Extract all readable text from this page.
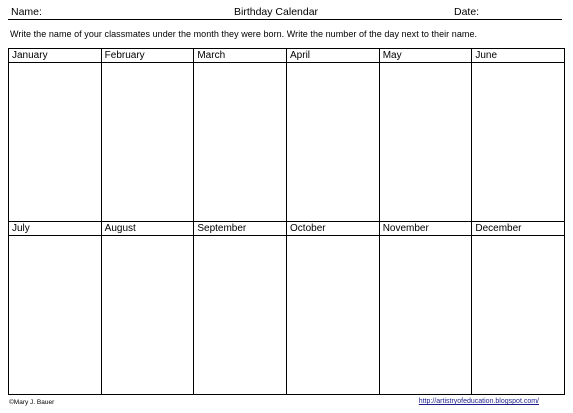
Name:	Birthday Calendar	Date:
Write the name of your classmates under the month they were born. Write the number of the day next to their name.
January	February	March	April	May	June
July	August	September	October	November	December
©Mary J. Bauer	http://artistryofeducation.blogspot.com/
